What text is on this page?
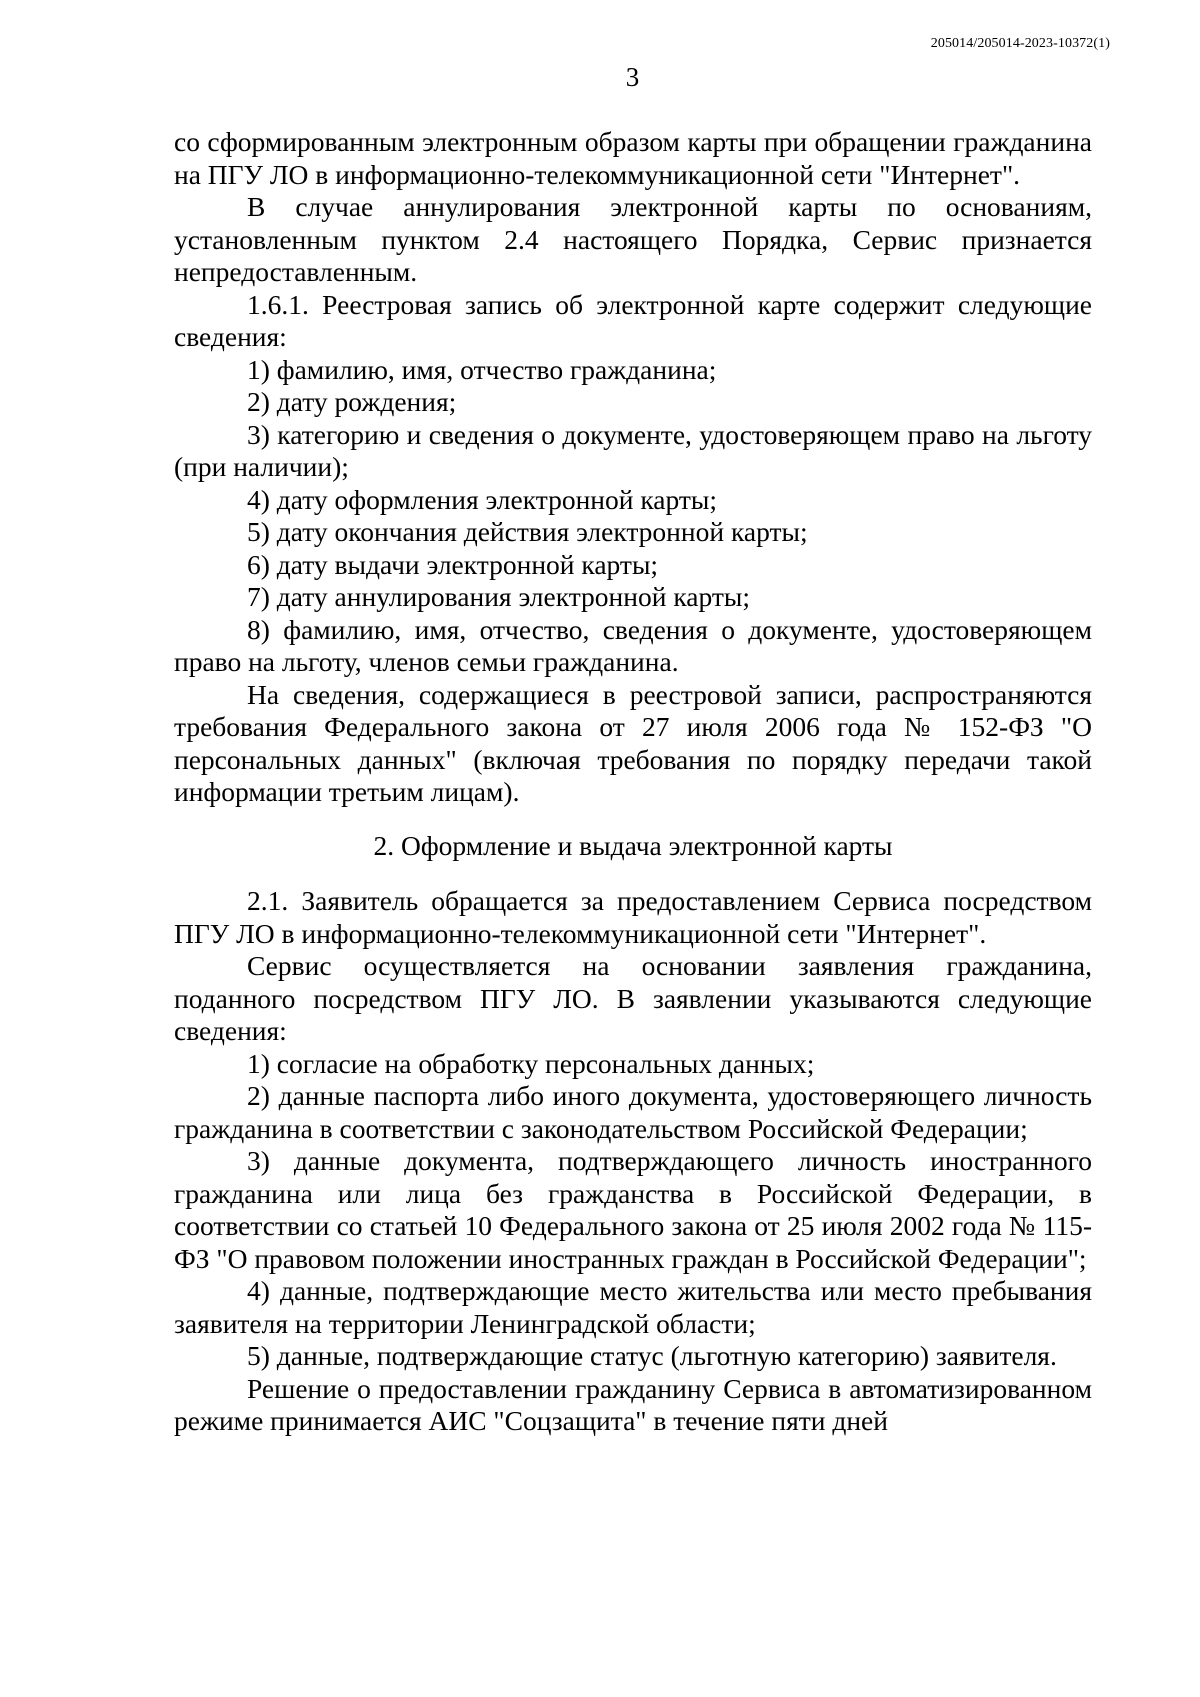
205014/205014-2023-10372(1)
3

со сформированным электронным образом карты при обращении гражданина на ПГУ ЛО в информационно-телекоммуникационной сети "Интернет".

В случае аннулирования электронной карты по основаниям, установленным пунктом 2.4 настоящего Порядка, Сервис признается непредоставленным.

1.6.1. Реестровая запись об электронной карте содержит следующие сведения:

1) фамилию, имя, отчество гражданина;

2) дату рождения;

3) категорию и сведения о документе, удостоверяющем право на льготу (при наличии);

4) дату оформления электронной карты;

5) дату окончания действия электронной карты;

6) дату выдачи электронной карты;

7) дату аннулирования электронной карты;

8) фамилию, имя, отчество, сведения о документе, удостоверяющем право на льготу, членов семьи гражданина.

На сведения, содержащиеся в реестровой записи, распространяются требования Федерального закона от 27 июля 2006 года № 152-ФЗ "О персональных данных" (включая требования по порядку передачи такой информации третьим лицам).

2. Оформление и выдача электронной карты

2.1. Заявитель обращается за предоставлением Сервиса посредством ПГУ ЛО в информационно-телекоммуникационной сети "Интернет".

Сервис осуществляется на основании заявления гражданина, поданного посредством ПГУ ЛО. В заявлении указываются следующие сведения:

1) согласие на обработку персональных данных;

2) данные паспорта либо иного документа, удостоверяющего личность гражданина в соответствии с законодательством Российской Федерации;

3) данные документа, подтверждающего личность иностранного гражданина или лица без гражданства в Российской Федерации, в соответствии со статьей 10 Федерального закона от 25 июля 2002 года № 115-ФЗ "О правовом положении иностранных граждан в Российской Федерации";

4) данные, подтверждающие место жительства или место пребывания заявителя на территории Ленинградской области;

5) данные, подтверждающие статус (льготную категорию) заявителя.

Решение о предоставлении гражданину Сервиса в автоматизированном режиме принимается АИС "Соцзащита" в течение пяти дней
